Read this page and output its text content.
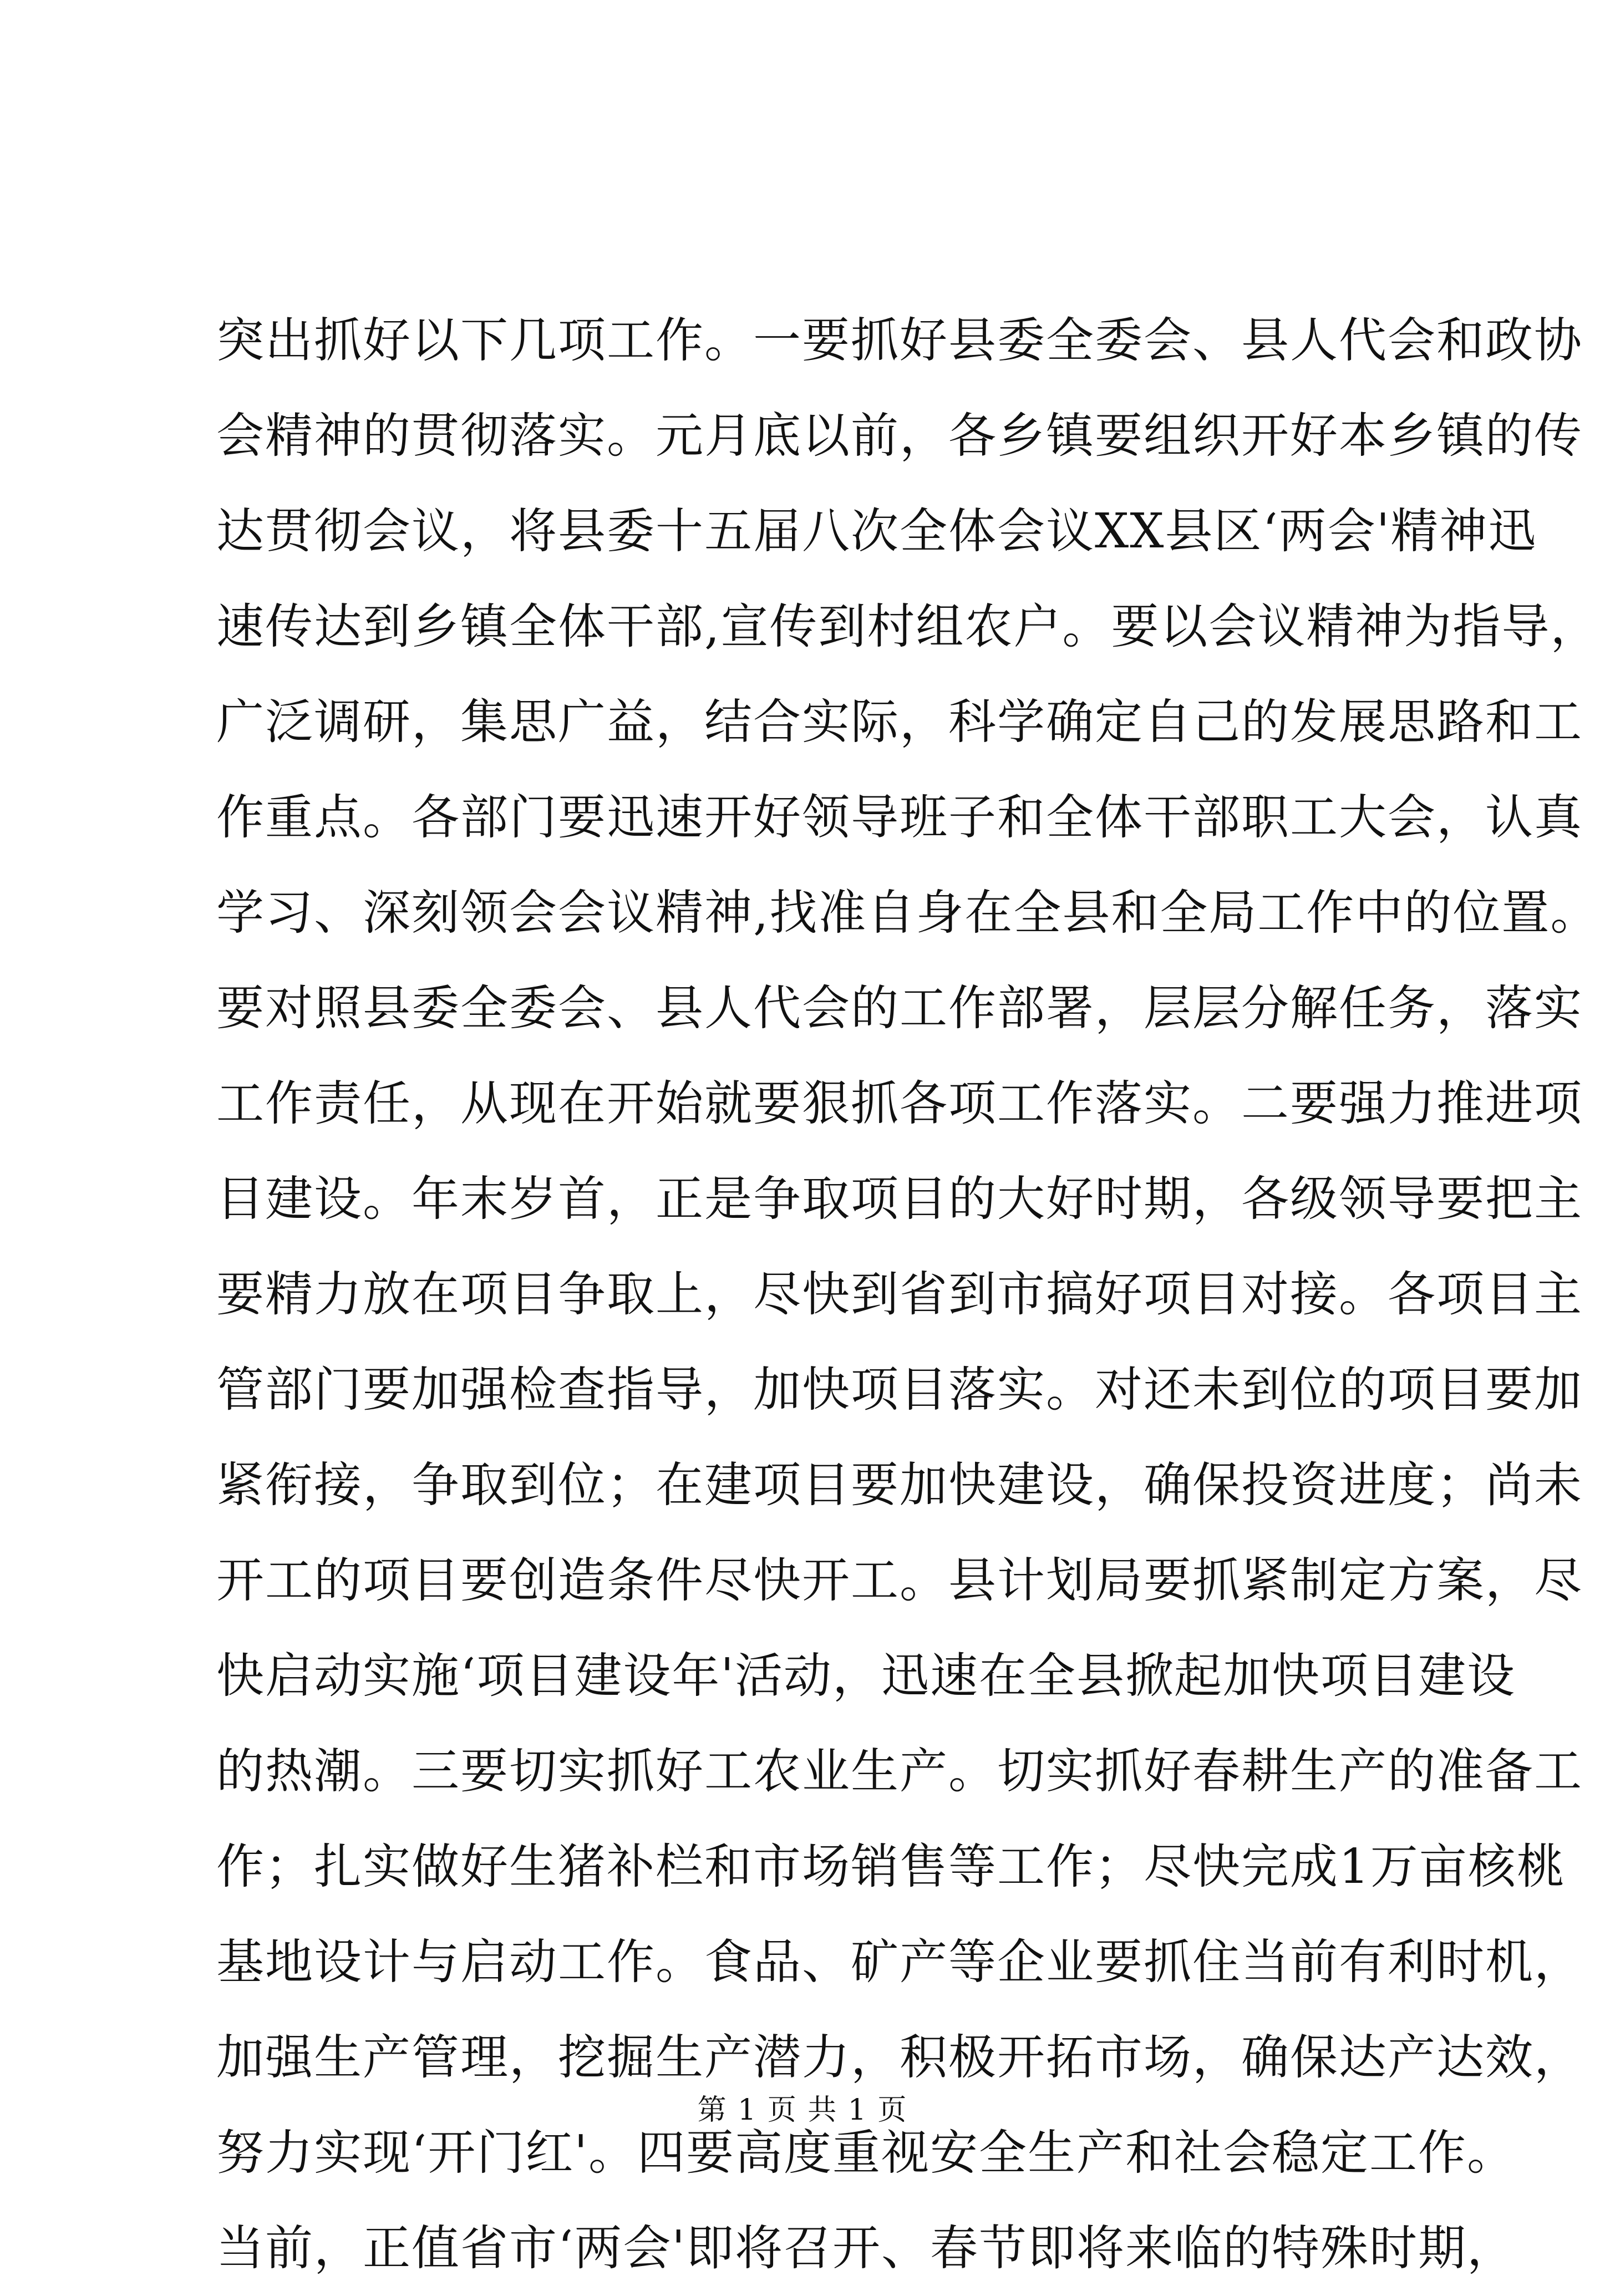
突出抓好以下几项工作。一要抓好县委全委会、县人代会和政协
会精神的贯彻落实。元月底以前，各乡镇要组织开好本乡镇的传
达贯彻会议，将县委十五届八次全体会议XX县区‘两会'精神迅
速传达到乡镇全体干部,宣传到村组农户。要以会议精神为指导，
广泛调研，集思广益，结合实际，科学确定自己的发展思路和工
作重点。各部门要迅速开好领导班子和全体干部职工大会，认真
学习、深刻领会会议精神,找准自身在全县和全局工作中的位置。
要对照县委全委会、县人代会的工作部署，层层分解任务，落实
工作责任，从现在开始就要狠抓各项工作落实。二要强力推进项
目建设。年末岁首，正是争取项目的大好时期，各级领导要把主
要精力放在项目争取上，尽快到省到市搞好项目对接。各项目主
管部门要加强检查指导，加快项目落实。对还未到位的项目要加
紧衔接，争取到位；在建项目要加快建设，确保投资进度；尚未
开工的项目要创造条件尽快开工。县计划局要抓紧制定方案，尽
快启动实施‘项目建设年'活动，迅速在全县掀起加快项目建设
的热潮。三要切实抓好工农业生产。切实抓好春耕生产的准备工
作；扎实做好生猪补栏和市场销售等工作；尽快完成1万亩核桃
基地设计与启动工作。食品、矿产等企业要抓住当前有利时机，
加强生产管理，挖掘生产潜力，积极开拓市场，确保达产达效，
努力实现‘开门红'。四要高度重视安全生产和社会稳定工作。
当前，正值省市‘两会'即将召开、春节即将来临的特殊时期，
第 1 页 共 1 页
